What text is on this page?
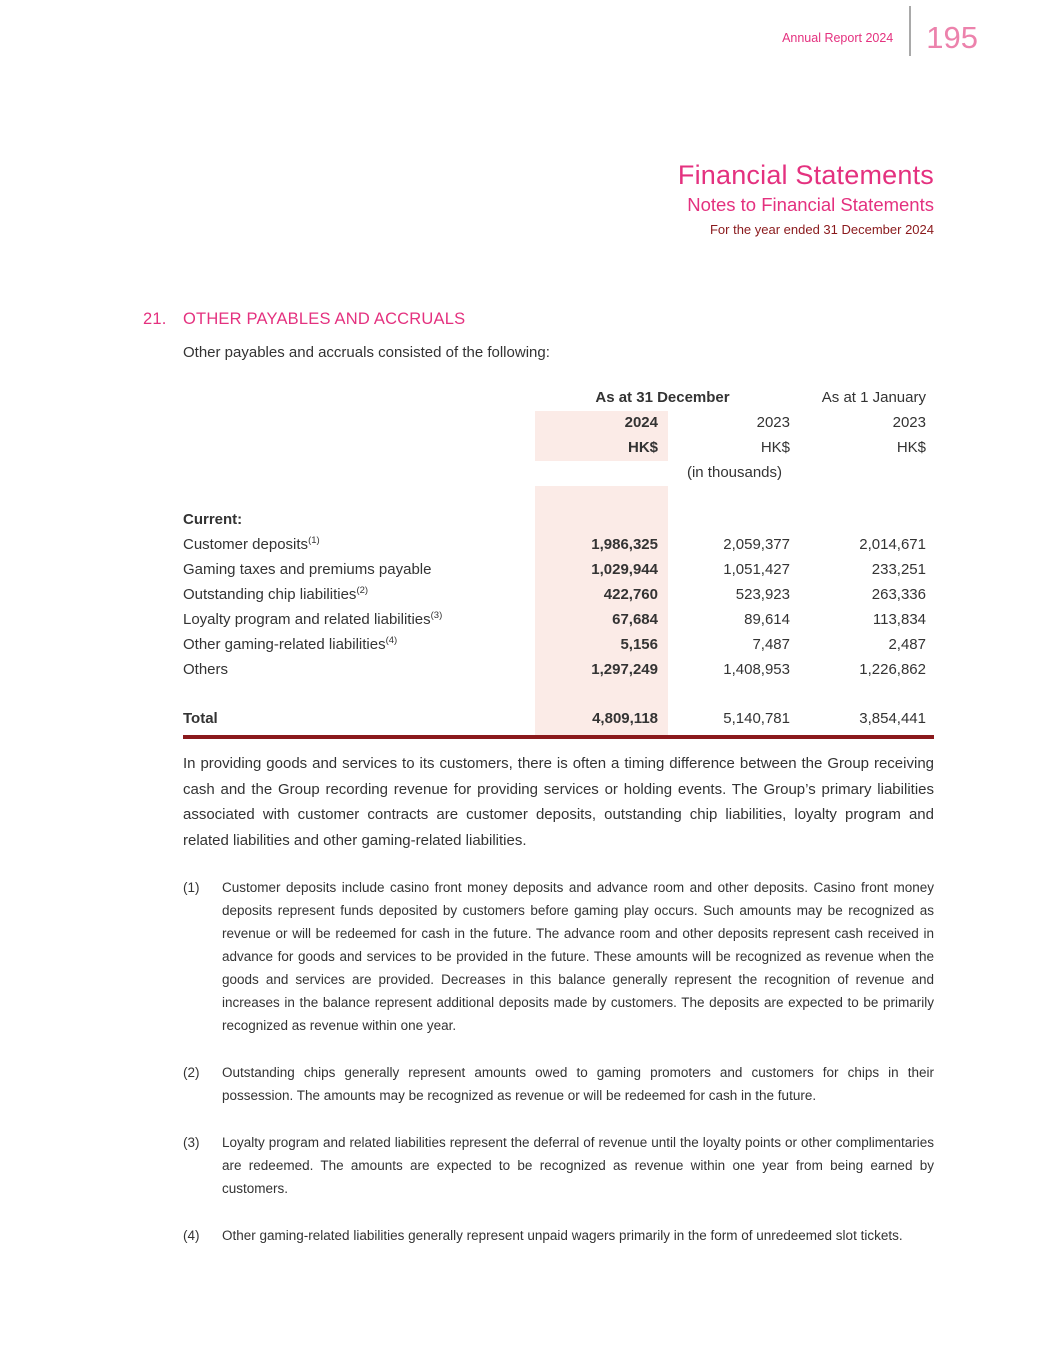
Annual Report 2024 195
Financial Statements
Notes to Financial Statements
For the year ended 31 December 2024
21. OTHER PAYABLES AND ACCRUALS
Other payables and accruals consisted of the following:
	As at 31 December		As at 1 January
	2024	2023	2023
	HK$	HK$	HK$
	(in thousands)		

Current:			
Customer deposits$^{(1)}$	1,986,325	2,059,377	2,014,671
Gaming taxes and premiums payable	1,029,944	1,051,427	233,251
Outstanding chip liabilities$^{(2)}$	422,760	523,923	263,336
Loyalty program and related liabilities$^{(3)}$	67,684	89,614	113,834
Other gaming-related liabilities$^{(4)}$	5,156	7,487	2,487
Others	1,297,249	1,408,953	1,226,862

Total	4,809,118	5,140,781	3,854,441

In providing goods and services to its customers, there is often a timing difference between the Group receiving cash and the Group recording revenue for providing services or holding events. The Group’s primary liabilities associated with customer contracts are customer deposits, outstanding chip liabilities, loyalty program and related liabilities and other gaming-related liabilities.

(1)	Customer deposits include casino front money deposits and advance room and other deposits. Casino front money deposits represent funds deposited by customers before gaming play occurs. Such amounts may be recognized as revenue or will be redeemed for cash in the future. The advance room and other deposits represent cash received in advance for goods and services to be provided in the future. These amounts will be recognized as revenue when the goods and services are provided. Decreases in this balance generally represent the recognition of revenue and increases in the balance represent additional deposits made by customers. The deposits are expected to be primarily recognized as revenue within one year.
(2)	Outstanding chips generally represent amounts owed to gaming promoters and customers for chips in their possession. The amounts may be recognized as revenue or will be redeemed for cash in the future.
(3)	Loyalty program and related liabilities represent the deferral of revenue until the loyalty points or other complimentaries are redeemed. The amounts are expected to be recognized as revenue within one year from being earned by customers.
(4)	Other gaming-related liabilities generally represent unpaid wagers primarily in the form of unredeemed slot tickets.
